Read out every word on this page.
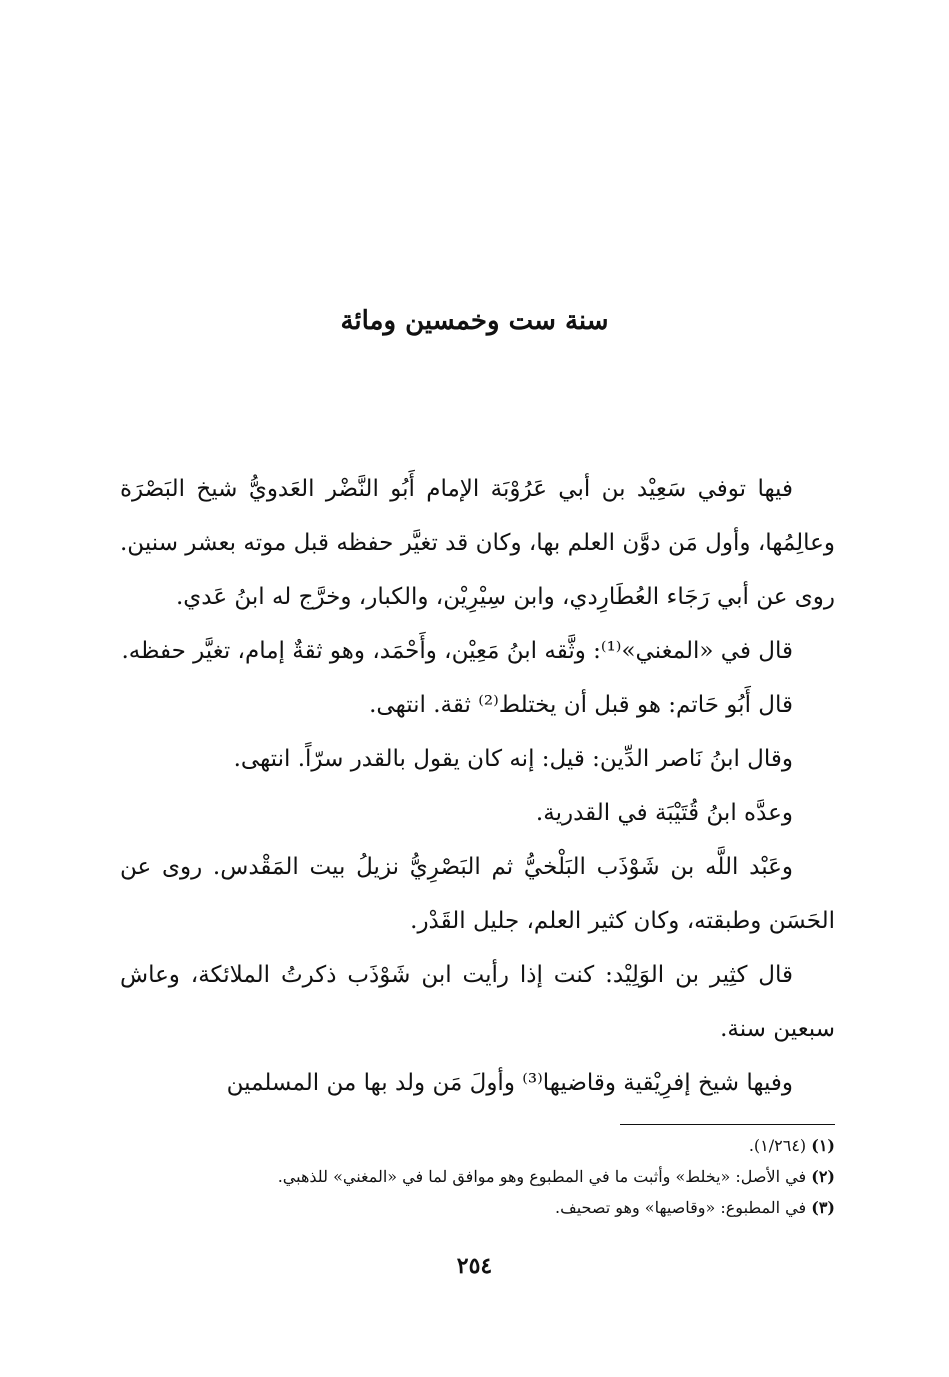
سنة ست وخمسين ومائة

فيها توفي سَعِيْد بن أبي عَرُوْبَة الإمام أَبُو النَّضْر العَدويُّ شيخ البَصْرَة وعالِمُها، وأول مَن دوَّن العلم بها، وكان قد تغيَّر حفظه قبل موته بعشر سنين. روى عن أبي رَجَاء العُطَارِدي، وابن سِيْرِيْن، والكبار، وخرَّج له ابنُ عَدي.

قال في «المغني»⁽¹⁾: وثَّقه ابنُ مَعِيْن، وأَحْمَد، وهو ثقةٌ إمام، تغيَّر حفظه.

قال أَبُو حَاتم: هو قبل أن يختلط⁽²⁾ ثقة. انتهى.

وقال ابنُ نَاصر الدِّين: قيل: إنه كان يقول بالقدر سرّاً. انتهى.

وعدَّه ابنُ قُتَيْبَة في القدرية.

وعَبْد اللَّه بن شَوْذَب البَلْخيُّ ثم البَصْرِيُّ نزيلُ بيت المَقْدس. روى عن الحَسَن وطبقته، وكان كثير العلم، جليل القَدْر.

قال كثِير بن الوَلِيْد: كنت إذا رأيت ابن شَوْذَب ذكرتُ الملائكة، وعاش سبعين سنة.

وفيها شيخ إفرِيْقية وقاضيها⁽³⁾ وأولَ مَن ولد بها من المسلمين

(١) (١/٢٦٤).

(٢) في الأصل: «يخلط» وأثبت ما في المطبوع وهو موافق لما في «المغني» للذهبي.

(٣) في المطبوع: «وقاصيها» وهو تصحيف.

٢٥٤
